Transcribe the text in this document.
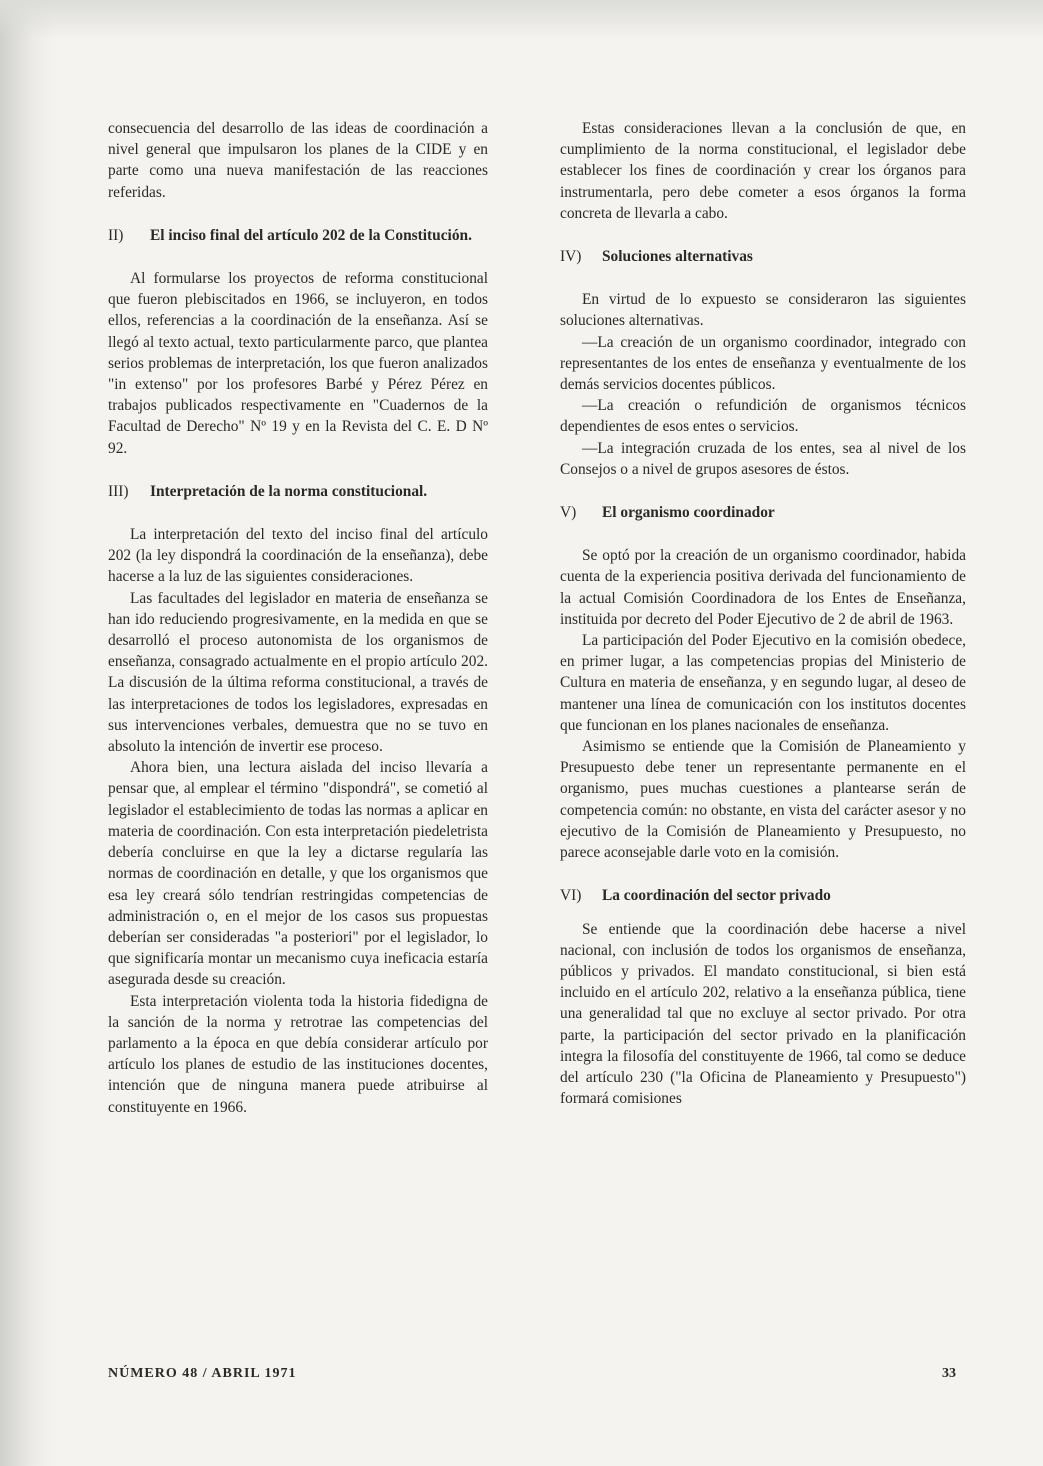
consecuencia del desarrollo de las ideas de coordinación a nivel general que impulsaron los planes de la CIDE y en parte como una nueva manifestación de las reacciones referidas.

II)	El inciso final del artículo 202 de la Constitución.

Al formularse los proyectos de reforma constitucional que fueron plebiscitados en 1966, se incluyeron, en todos ellos, referencias a la coordinación de la enseñanza. Así se llegó al texto actual, texto particularmente parco, que plantea serios problemas de interpretación, los que fueron analizados "in extenso" por los profesores Barbé y Pérez Pérez en trabajos publicados respectivamente en "Cuadernos de la Facultad de Derecho" Nº 19 y en la Revista del C. E. D Nº 92.

III)	Interpretación de la norma constitucional.

La interpretación del texto del inciso final del artículo 202 (la ley dispondrá la coordinación de la enseñanza), debe hacerse a la luz de las siguientes consideraciones.

Las facultades del legislador en materia de enseñanza se han ido reduciendo progresivamente, en la medida en que se desarrolló el proceso autonomista de los organismos de enseñanza, consagrado actualmente en el propio artículo 202. La discusión de la última reforma constitucional, a través de las interpretaciones de todos los legisladores, expresadas en sus intervenciones verbales, demuestra que no se tuvo en absoluto la intención de invertir ese proceso.

Ahora bien, una lectura aislada del inciso llevaría a pensar que, al emplear el término "dispondrá", se cometió al legislador el establecimiento de todas las normas a aplicar en materia de coordinación. Con esta interpretación piedeletrista debería concluirse en que la ley a dictarse regularía las normas de coordinación en detalle, y que los organismos que esa ley creará sólo tendrían restringidas competencias de administración o, en el mejor de los casos sus propuestas deberían ser consideradas "a posteriori" por el legislador, lo que significaría montar un mecanismo cuya ineficacia estaría asegurada desde su creación.

Esta interpretación violenta toda la historia fidedigna de la sanción de la norma y retrotrae las competencias del parlamento a la época en que debía considerar artículo por artículo los planes de estudio de las instituciones docentes, intención que de ninguna manera puede atribuirse al constituyente en 1966.

Estas consideraciones llevan a la conclusión de que, en cumplimiento de la norma constitucional, el legislador debe establecer los fines de coordinación y crear los órganos para instrumentarla, pero debe cometer a esos órganos la forma concreta de llevarla a cabo.

IV)	Soluciones alternativas

En virtud de lo expuesto se consideraron las siguientes soluciones alternativas.

—La creación de un organismo coordinador, integrado con representantes de los entes de enseñanza y eventualmente de los demás servicios docentes públicos.

—La creación o refundición de organismos técnicos dependientes de esos entes o servicios.

—La integración cruzada de los entes, sea al nivel de los Consejos o a nivel de grupos asesores de éstos.

V)	El organismo coordinador

Se optó por la creación de un organismo coordinador, habida cuenta de la experiencia positiva derivada del funcionamiento de la actual Comisión Coordinadora de los Entes de Enseñanza, instituida por decreto del Poder Ejecutivo de 2 de abril de 1963.

La participación del Poder Ejecutivo en la comisión obedece, en primer lugar, a las competencias propias del Ministerio de Cultura en materia de enseñanza, y en segundo lugar, al deseo de mantener una línea de comunicación con los institutos docentes que funcionan en los planes nacionales de enseñanza.

Asimismo se entiende que la Comisión de Planeamiento y Presupuesto debe tener un representante permanente en el organismo, pues muchas cuestiones a plantearse serán de competencia común: no obstante, en vista del carácter asesor y no ejecutivo de la Comisión de Planeamiento y Presupuesto, no parece aconsejable darle voto en la comisión.

VI)	La coordinación del sector privado

Se entiende que la coordinación debe hacerse a nivel nacional, con inclusión de todos los organismos de enseñanza, públicos y privados. El mandato constitucional, si bien está incluido en el artículo 202, relativo a la enseñanza pública, tiene una generalidad tal que no excluye al sector privado. Por otra parte, la participación del sector privado en la planificación integra la filosofía del constituyente de 1966, tal como se deduce del artículo 230 ("la Oficina de Planeamiento y Presupuesto") formará comisiones

NÚMERO 48 / ABRIL 1971	33
